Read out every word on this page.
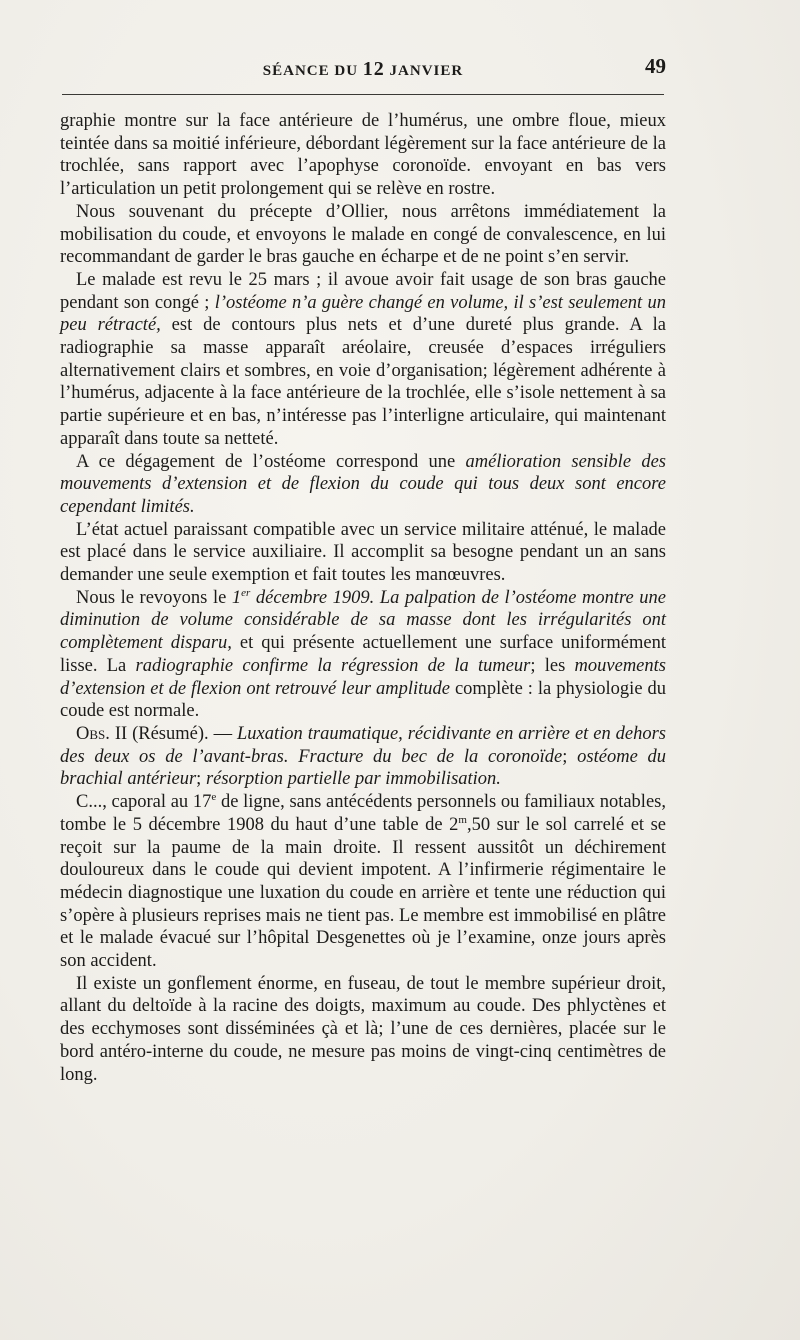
SÉANCE DU 12 JANVIER	49

graphie montre sur la face antérieure de l’humérus, une ombre floue, mieux teintée dans sa moitié inférieure, débordant légèrement sur la face antérieure de la trochlée, sans rapport avec l’apophyse coronoïde. envoyant en bas vers l’articulation un petit prolongement qui se relève en rostre.

Nous souvenant du précepte d’Ollier, nous arrêtons immédiatement la mobilisation du coude, et envoyons le malade en congé de convalescence, en lui recommandant de garder le bras gauche en écharpe et de ne point s’en servir.

Le malade est revu le 25 mars ; il avoue avoir fait usage de son bras gauche pendant son congé ; l’ostéome n’a guère changé en volume, il s’est seulement un peu rétracté, est de contours plus nets et d’une dureté plus grande. A la radiographie sa masse apparaît aréolaire, creusée d’espaces irréguliers alternativement clairs et sombres, en voie d’organisation; légèrement adhérente à l’humérus, adjacente à la face antérieure de la trochlée, elle s’isole nettement à sa partie supérieure et en bas, n’intéresse pas l’interligne articulaire, qui maintenant apparaît dans toute sa netteté.

A ce dégagement de l’ostéome correspond une amélioration sensible des mouvements d’extension et de flexion du coude qui tous deux sont encore cependant limités.

L’état actuel paraissant compatible avec un service militaire atténué, le malade est placé dans le service auxiliaire. Il accomplit sa besogne pendant un an sans demander une seule exemption et fait toutes les manœuvres.

Nous le revoyons le 1er décembre 1909. La palpation de l’ostéome montre une diminution de volume considérable de sa masse dont les irrégularités ont complètement disparu, et qui présente actuellement une surface uniformément lisse. La radiographie confirme la régression de la tumeur; les mouvements d’extension et de flexion ont retrouvé leur amplitude complète : la physiologie du coude est normale.

Obs. II (Résumé). — Luxation traumatique, récidivante en arrière et en dehors des deux os de l’avant-bras. Fracture du bec de la coronoïde; ostéome du brachial antérieur; résorption partielle par immobilisation.

C..., caporal au 17e de ligne, sans antécédents personnels ou familiaux notables, tombe le 5 décembre 1908 du haut d’une table de 2$^m$,50 sur le sol carrelé et se reçoit sur la paume de la main droite. Il ressent aussitôt un déchirement douloureux dans le coude qui devient impotent. A l’infirmerie régimentaire le médecin diagnostique une luxation du coude en arrière et tente une réduction qui s’opère à plusieurs reprises mais ne tient pas. Le membre est immobilisé en plâtre et le malade évacué sur l’hôpital Desgenettes où je l’examine, onze jours après son accident.

Il existe un gonflement énorme, en fuseau, de tout le membre supérieur droit, allant du deltoïde à la racine des doigts, maximum au coude. Des phlyctènes et des ecchymoses sont disséminées çà et là; l’une de ces dernières, placée sur le bord antéro-interne du coude, ne mesure pas moins de vingt-cinq centimètres de long.
